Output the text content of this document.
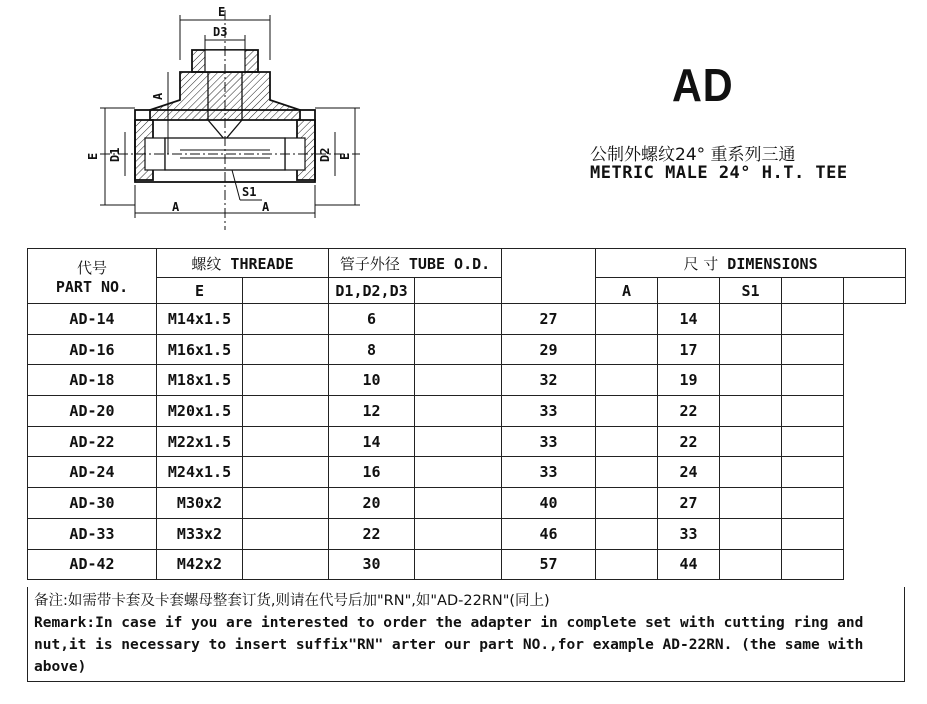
E
D3
A
E D1	D2 E
S1
A	A
AD
公制外螺纹24° 重系列三通
METRIC MALE 24° H.T. TEE
代号
PART NO.	螺纹 THREADE		管子外径 TUBE O.D.			尺 寸 DIMENSIONS				
	E		D1,D2,D3			A		S1		
AD-14	M14x1.5		6		27		14			
AD-16	M16x1.5		8		29		17			
AD-18	M18x1.5		10		32		19			
AD-20	M20x1.5		12		33		22			
AD-22	M22x1.5		14		33		22			
AD-24	M24x1.5		16		33		24			
AD-30	M30x2		20		40		27			
AD-33	M33x2		22		46		33			
AD-42	M42x2		30		57		44			
备注:如需带卡套及卡套螺母整套订货,则请在代号后加"RN",如"AD-22RN"(同上)
Remark:In case if you are interested to order the adapter in complete set with cutting ring and nut,it is necessary to insert suffix"RN" arter our part NO.,for example AD-22RN. (the same with above)
